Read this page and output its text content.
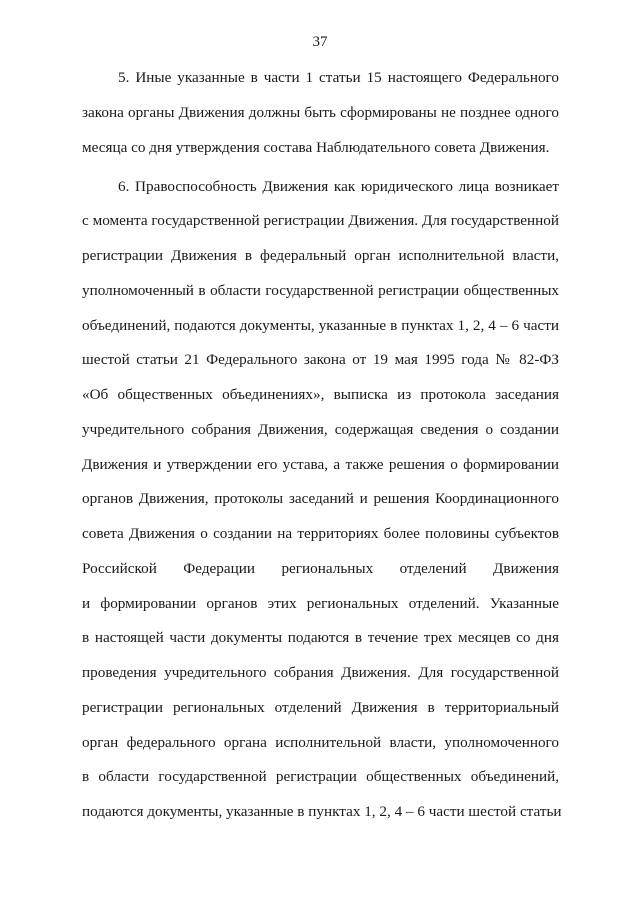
37
5. Иные указанные в части 1 статьи 15 настоящего Федерального
закона органы Движения должны быть сформированы не позднее одного
месяца со дня утверждения состава Наблюдательного совета Движения.
6. Правоспособность Движения как юридического лица возникает
с момента государственной регистрации Движения. Для государственной
регистрации Движения в федеральный орган исполнительной власти,
уполномоченный в области государственной регистрации общественных
объединений, подаются документы, указанные в пунктах 1, 2, 4 – 6 части
шестой статьи 21 Федерального закона от 19 мая 1995 года № 82-ФЗ
«Об общественных объединениях», выписка из протокола заседания
учредительного собрания Движения, содержащая сведения о создании
Движения и утверждении его устава, а также решения о формировании
органов Движения, протоколы заседаний и решения Координационного
совета Движения о создании на территориях более половины субъектов
Российской Федерации региональных отделений Движения
и формировании органов этих региональных отделений. Указанные
в настоящей части документы подаются в течение трех месяцев со дня
проведения учредительного собрания Движения. Для государственной
регистрации региональных отделений Движения в территориальный
орган федерального органа исполнительной власти, уполномоченного
в области государственной регистрации общественных объединений,
подаются документы, указанные в пунктах 1, 2, 4 – 6 части шестой статьи
